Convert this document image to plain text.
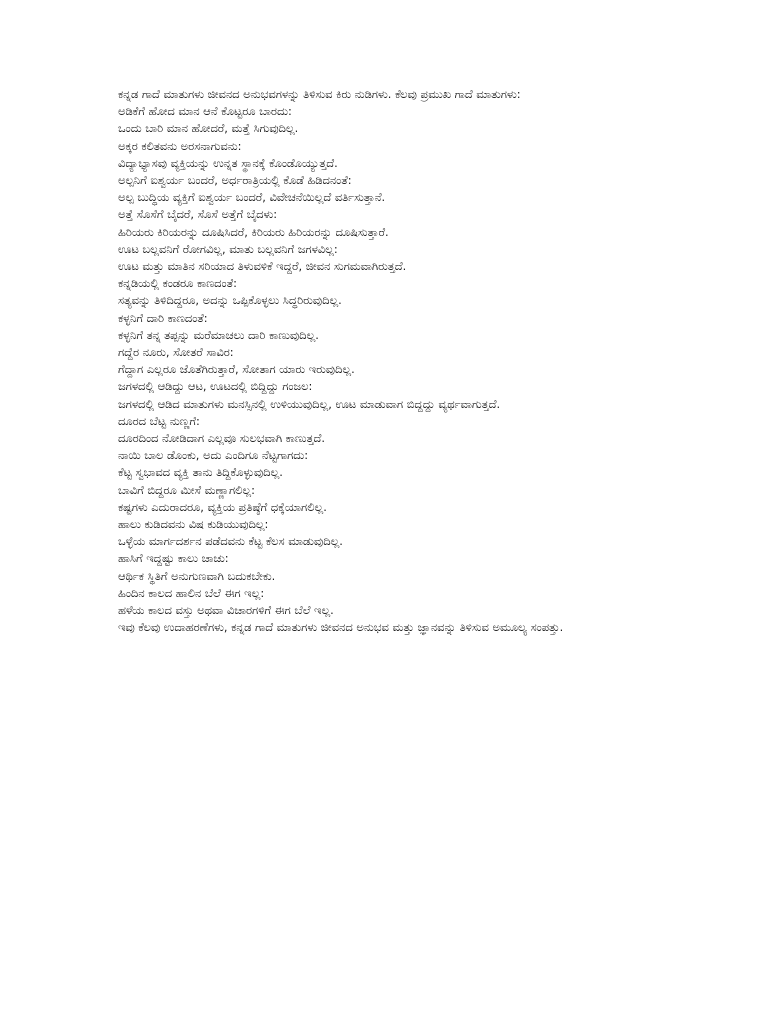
ಕನ್ನಡ ಗಾದೆ ಮಾತುಗಳು ಜೀವನದ ಅನುಭವಗಳನ್ನು ತಿಳಿಸುವ ಕಿರು ನುಡಿಗಳು. ಕೆಲವು ಪ್ರಮುಖ ಗಾದೆ ಮಾತುಗಳು:
ಅಡಿಕೆಗೆ ಹೋದ ಮಾನ ಆನೆ ಕೊಟ್ಟರೂ ಬಾರದು:
ಒಂದು ಬಾರಿ ಮಾನ ಹೋದರೆ, ಮತ್ತೆ ಸಿಗುವುದಿಲ್ಲ.
ಅಕ್ಕರ ಕಲಿತವನು ಅರಸನಾಗುವನು:
ವಿದ್ಯಾಭ್ಯಾಸವು ವ್ಯಕ್ತಿಯನ್ನು ಉನ್ನತ ಸ್ಥಾನಕ್ಕೆ ಕೊಂಡೊಯ್ಯುತ್ತದೆ.
ಅಲ್ಪನಿಗೆ ಐಶ್ವರ್ಯ ಬಂದರೆ, ಅರ್ಧರಾತ್ರಿಯಲ್ಲಿ ಕೊಡೆ ಹಿಡಿದನಂತೆ:
ಅಲ್ಪ ಬುದ್ಧಿಯ ವ್ಯಕ್ತಿಗೆ ಐಶ್ವರ್ಯ ಬಂದರೆ, ವಿವೇಚನೆಯಿಲ್ಲದೆ ವರ್ತಿಸುತ್ತಾನೆ.
ಅತ್ತೆ ಸೊಸೆಗೆ ಬೈದರೆ, ಸೊಸೆ ಅತ್ತೆಗೆ ಬೈದಳು:
ಹಿರಿಯರು ಕಿರಿಯರನ್ನು ದೂಷಿಸಿದರೆ, ಕಿರಿಯರು ಹಿರಿಯರನ್ನು ದೂಷಿಸುತ್ತಾರೆ.
ಊಟ ಬಲ್ಲವನಿಗೆ ರೋಗವಿಲ್ಲ, ಮಾತು ಬಲ್ಲವನಿಗೆ ಜಗಳವಿಲ್ಲ:
ಊಟ ಮತ್ತು ಮಾತಿನ ಸರಿಯಾದ ತಿಳುವಳಿಕೆ ಇದ್ದರೆ, ಜೀವನ ಸುಗಮವಾಗಿರುತ್ತದೆ.
ಕನ್ನಡಿಯಲ್ಲಿ ಕಂಡರೂ ಕಾಣದಂತೆ:
ಸತ್ಯವನ್ನು ತಿಳಿದಿದ್ದರೂ, ಅದನ್ನು ಒಪ್ಪಿಕೊಳ್ಳಲು ಸಿದ್ಧರಿರುವುದಿಲ್ಲ.
ಕಳ್ಳನಿಗೆ ದಾರಿ ಕಾಣದಂತೆ:
ಕಳ್ಳನಿಗೆ ತನ್ನ ತಪ್ಪನ್ನು ಮರೆಮಾಚಲು ದಾರಿ ಕಾಣುವುದಿಲ್ಲ.
ಗದ್ದೆರ ನೂರು, ಸೋತರೆ ಸಾವಿರ:
ಗೆದ್ದಾಗ ಎಲ್ಲರೂ ಜೊತೆಗಿರುತ್ತಾರೆ, ಸೋತಾಗ ಯಾರು ಇರುವುದಿಲ್ಲ.
ಜಗಳದಲ್ಲಿ ಆಡಿದ್ದು ಆಟ, ಊಟದಲ್ಲಿ ಬಿದ್ದಿದ್ದು ಗಂಜಲ:
ಜಗಳದಲ್ಲಿ ಆಡಿದ ಮಾತುಗಳು ಮನಸ್ಸಿನಲ್ಲಿ ಉಳಿಯುವುದಿಲ್ಲ, ಊಟ ಮಾಡುವಾಗ ಬಿದ್ದದ್ದು ವ್ಯರ್ಥವಾಗುತ್ತದೆ.
ದೂರದ ಬೆಟ್ಟ ನುಣ್ಣಗೆ:
ದೂರದಿಂದ ನೋಡಿದಾಗ ಎಲ್ಲವೂ ಸುಲಭವಾಗಿ ಕಾಣುತ್ತದೆ.
ನಾಯಿ ಬಾಲ ಡೊಂಕು, ಅದು ಎಂದಿಗೂ ನೆಟ್ಟಗಾಗದು:
ಕೆಟ್ಟ ಸ್ವಭಾವದ ವ್ಯಕ್ತಿ ತಾನು ತಿದ್ದಿಕೊಳ್ಳುವುದಿಲ್ಲ.
ಬಾವಿಗೆ ಬಿದ್ದರೂ ಮೀಸೆ ಮಣ್ಣಾಗಲಿಲ್ಲ:
ಕಷ್ಟಗಳು ಎದುರಾದರೂ, ವ್ಯಕ್ತಿಯ ಪ್ರತಿಷ್ಠೆಗೆ ಧಕ್ಕೆಯಾಗಲಿಲ್ಲ.
ಹಾಲು ಕುಡಿದವನು ವಿಷ ಕುಡಿಯುವುದಿಲ್ಲ:
ಒಳ್ಳೆಯ ಮಾರ್ಗದರ್ಶನ ಪಡೆದವನು ಕೆಟ್ಟ ಕೆಲಸ ಮಾಡುವುದಿಲ್ಲ.
ಹಾಸಿಗೆ ಇದ್ದಷ್ಟು ಕಾಲು ಚಾಚು:
ಆರ್ಥಿಕ ಸ್ಥಿತಿಗೆ ಅನುಗುಣವಾಗಿ ಬದುಕಬೇಕು.
ಹಿಂದಿನ ಕಾಲದ ಹಾಲಿನ ಬೆಲೆ ಈಗ ಇಲ್ಲ:
ಹಳೆಯ ಕಾಲದ ವಸ್ತು ಅಥವಾ ವಿಚಾರಗಳಿಗೆ ಈಗ ಬೆಲೆ ಇಲ್ಲ.
ಇವು ಕೆಲವು ಉದಾಹರಣೆಗಳು, ಕನ್ನಡ ಗಾದೆ ಮಾತುಗಳು ಜೀವನದ ಅನುಭವ ಮತ್ತು ಜ್ಞಾನವನ್ನು ತಿಳಿಸುವ ಅಮೂಲ್ಯ ಸಂಪತ್ತು.
